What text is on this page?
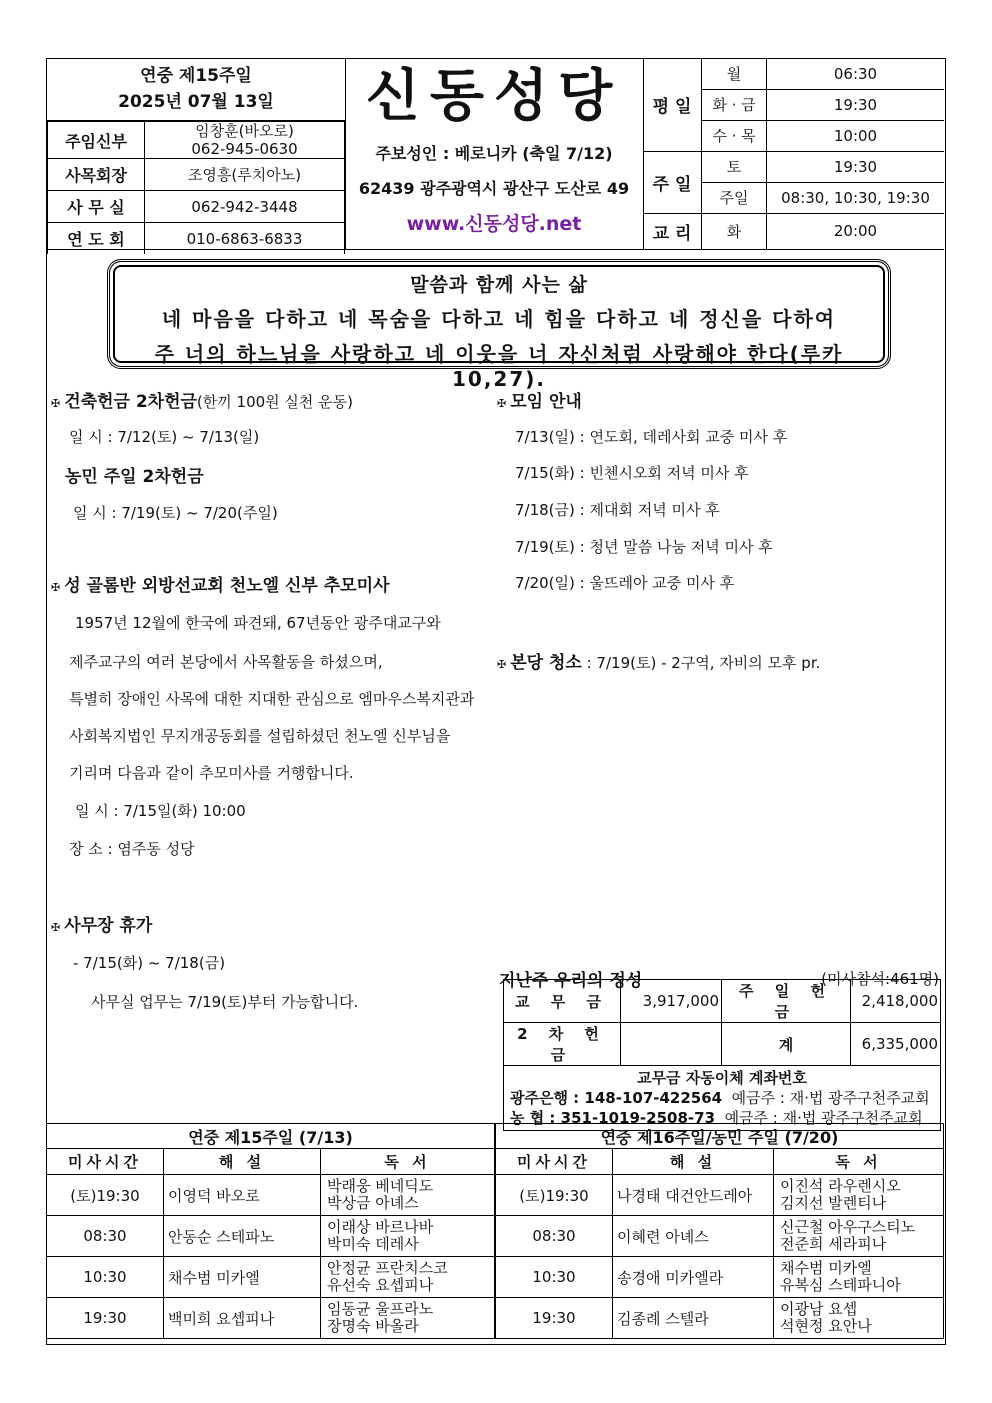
연중 제15주일
2025년 07월 13일
주임신부	임창훈(바오로)
062-945-0630

사목회장	조영흥(루치아노)
사 무 실	062-942-3448
연 도 회	010-6863-6833
신동성당
주보성인 : 베로니카 (축일 7/12)
62439 광주광역시 광산구 도산로 49
www.신동성당.net
평 일	월	06:30
	화 · 금	19:30
	수 · 목	10:00
주 일	토	19:30
	주일	08:30, 10:30, 19:30
교 리	화	20:00
말씀과 함께 사는 삶
네 마음을 다하고 네 목숨을 다하고 네 힘을 다하고 네 정신을 다하여
주 너의 하느님을 사랑하고 네 이웃을 너 자신처럼 사랑해야 한다(루카 10,27).
✠ 건축헌금 2차헌금(한끼 100원 실천 운동)
일 시 : 7/12(토) ~ 7/13(일)
농민 주일 2차헌금
일 시 : 7/19(토) ~ 7/20(주일)
✠ 성 골롬반 외방선교회 천노엘 신부 추모미사
1957년 12월에 한국에 파견돼, 67년동안 광주대교구와
제주교구의 여러 본당에서 사목활동을 하셨으며,
특별히 장애인 사목에 대한 지대한 관심으로 엠마우스복지관과
사회복지법인 무지개공동회를 설립하셨던 천노엘 신부님을
기리며 다음과 같이 추모미사를 거행합니다.
일 시 : 7/15일(화) 10:00
장 소 : 염주동 성당
✠ 사무장 휴가
- 7/15(화) ~ 7/18(금)
사무실 업무는 7/19(토)부터 가능합니다.
✠ 모임 안내
7/13(일) : 연도회, 데레사회 교중 미사 후
7/15(화) : 빈첸시오회 저녁 미사 후
7/18(금) : 제대회 저녁 미사 후
7/19(토) : 청년 말씀 나눔 저녁 미사 후
7/20(일) : 울뜨레아 교중 미사 후
✠ 본당 청소 : 7/19(토) - 2구역, 자비의 모후 pr.
지난주 우리의 정성	(미사참석:461명)
교 무 금	3,917,000	주 일 헌 금	2,418,000
2 차 헌 금		계	6,335,000

교무금 자동이체 계좌번호
광주은행 : 148-107-422564 예금주 : 재·법 광주구천주교회
농 협 : 351-1019-2508-73 예금주 : 재·법 광주구천주교회			
연중 제15주일 (7/13)		
미사시간	해 설	독 서
(토)19:30	이영덕 바오로	박래웅 베네딕도
박상금 아녜스

08:30	안동순 스테파노	이래상 바르나바
박미숙 데레사

10:30	채수범 미카엘	안정균 프란치스코
유선숙 요셉피나

19:30	백미희 요셉피나	임동균 울프라노
장명숙 바올라
연중 제16주일/농민 주일 (7/20)		
미사시간	해 설	독 서
(토)19:30	나경태 대건안드레아	이진석 라우렌시오
김지선 발렌티나

08:30	이혜련 아녜스	신근철 아우구스티노
전준희 세라피나

10:30	송경애 미카엘라	채수범 미카엘
유복심 스테파니아

19:30	김종례 스텔라	이광남 요셉
석현정 요안나
